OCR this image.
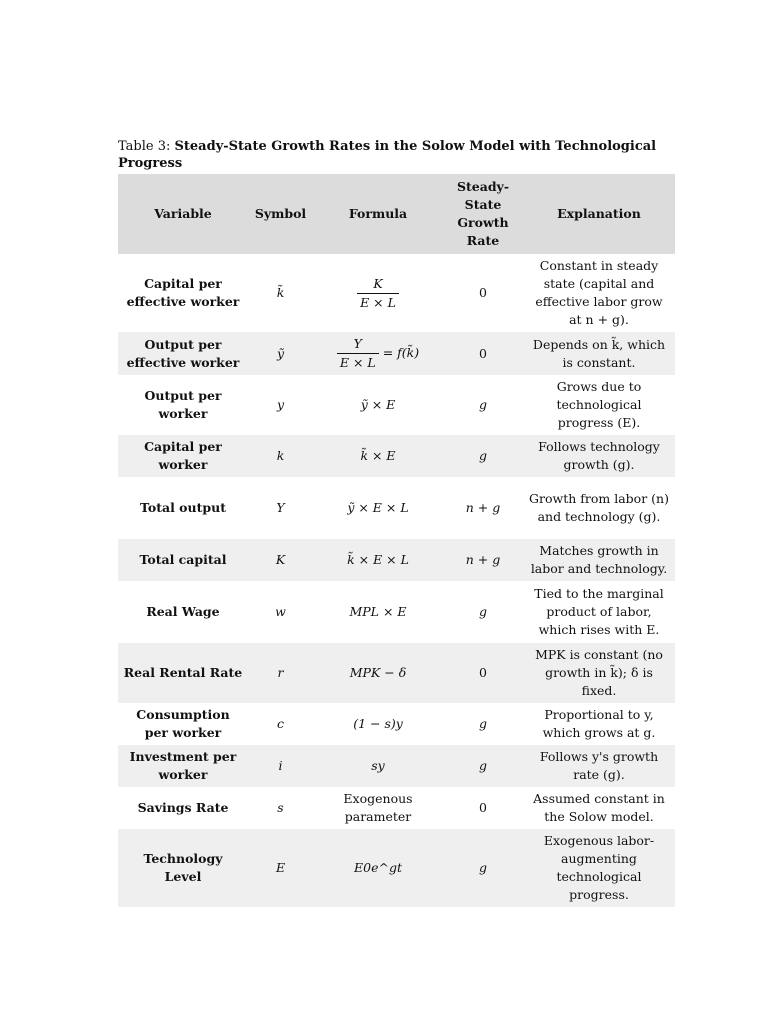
Table 3: Steady-State Growth Rates in the Solow Model with Technological Progress

Variable	Symbol	Formula	Steady-State Growth Rate	Explanation
Capital per effective worker	k̃	$\frac{K}{E \times L}$	0	Constant in steady state (capital and effective labor grow at n + g).
Output per effective worker	ỹ	$\frac{Y}{E \times L}$ = f(k̃)	0	Depends on k̃, which is constant.
Output per worker	y	ỹ × E	g	Grows due to technological progress (E).
Capital per worker	k	k̃ × E	g	Follows technology growth (g).
Total output	Y	ỹ × E × L	n + g	Growth from labor (n) and technology (g).
Total capital	K	k̃ × E × L	n + g	Matches growth in labor and technology.
Real Wage	w	MPL × E	g	Tied to the marginal product of labor, which rises with E.
Real Rental Rate	r	MPK − δ	0	MPK is constant (no growth in k̃); δ is fixed.
Consumption per worker	c	(1 − s)y	g	Proportional to y, which grows at g.
Investment per worker	i	sy	g	Follows y's growth rate (g).
Savings Rate	s	Exogenous parameter	0	Assumed constant in the Solow model.
Technology Level	E	E0e^gt	g	Exogenous labor-augmenting technological progress.
